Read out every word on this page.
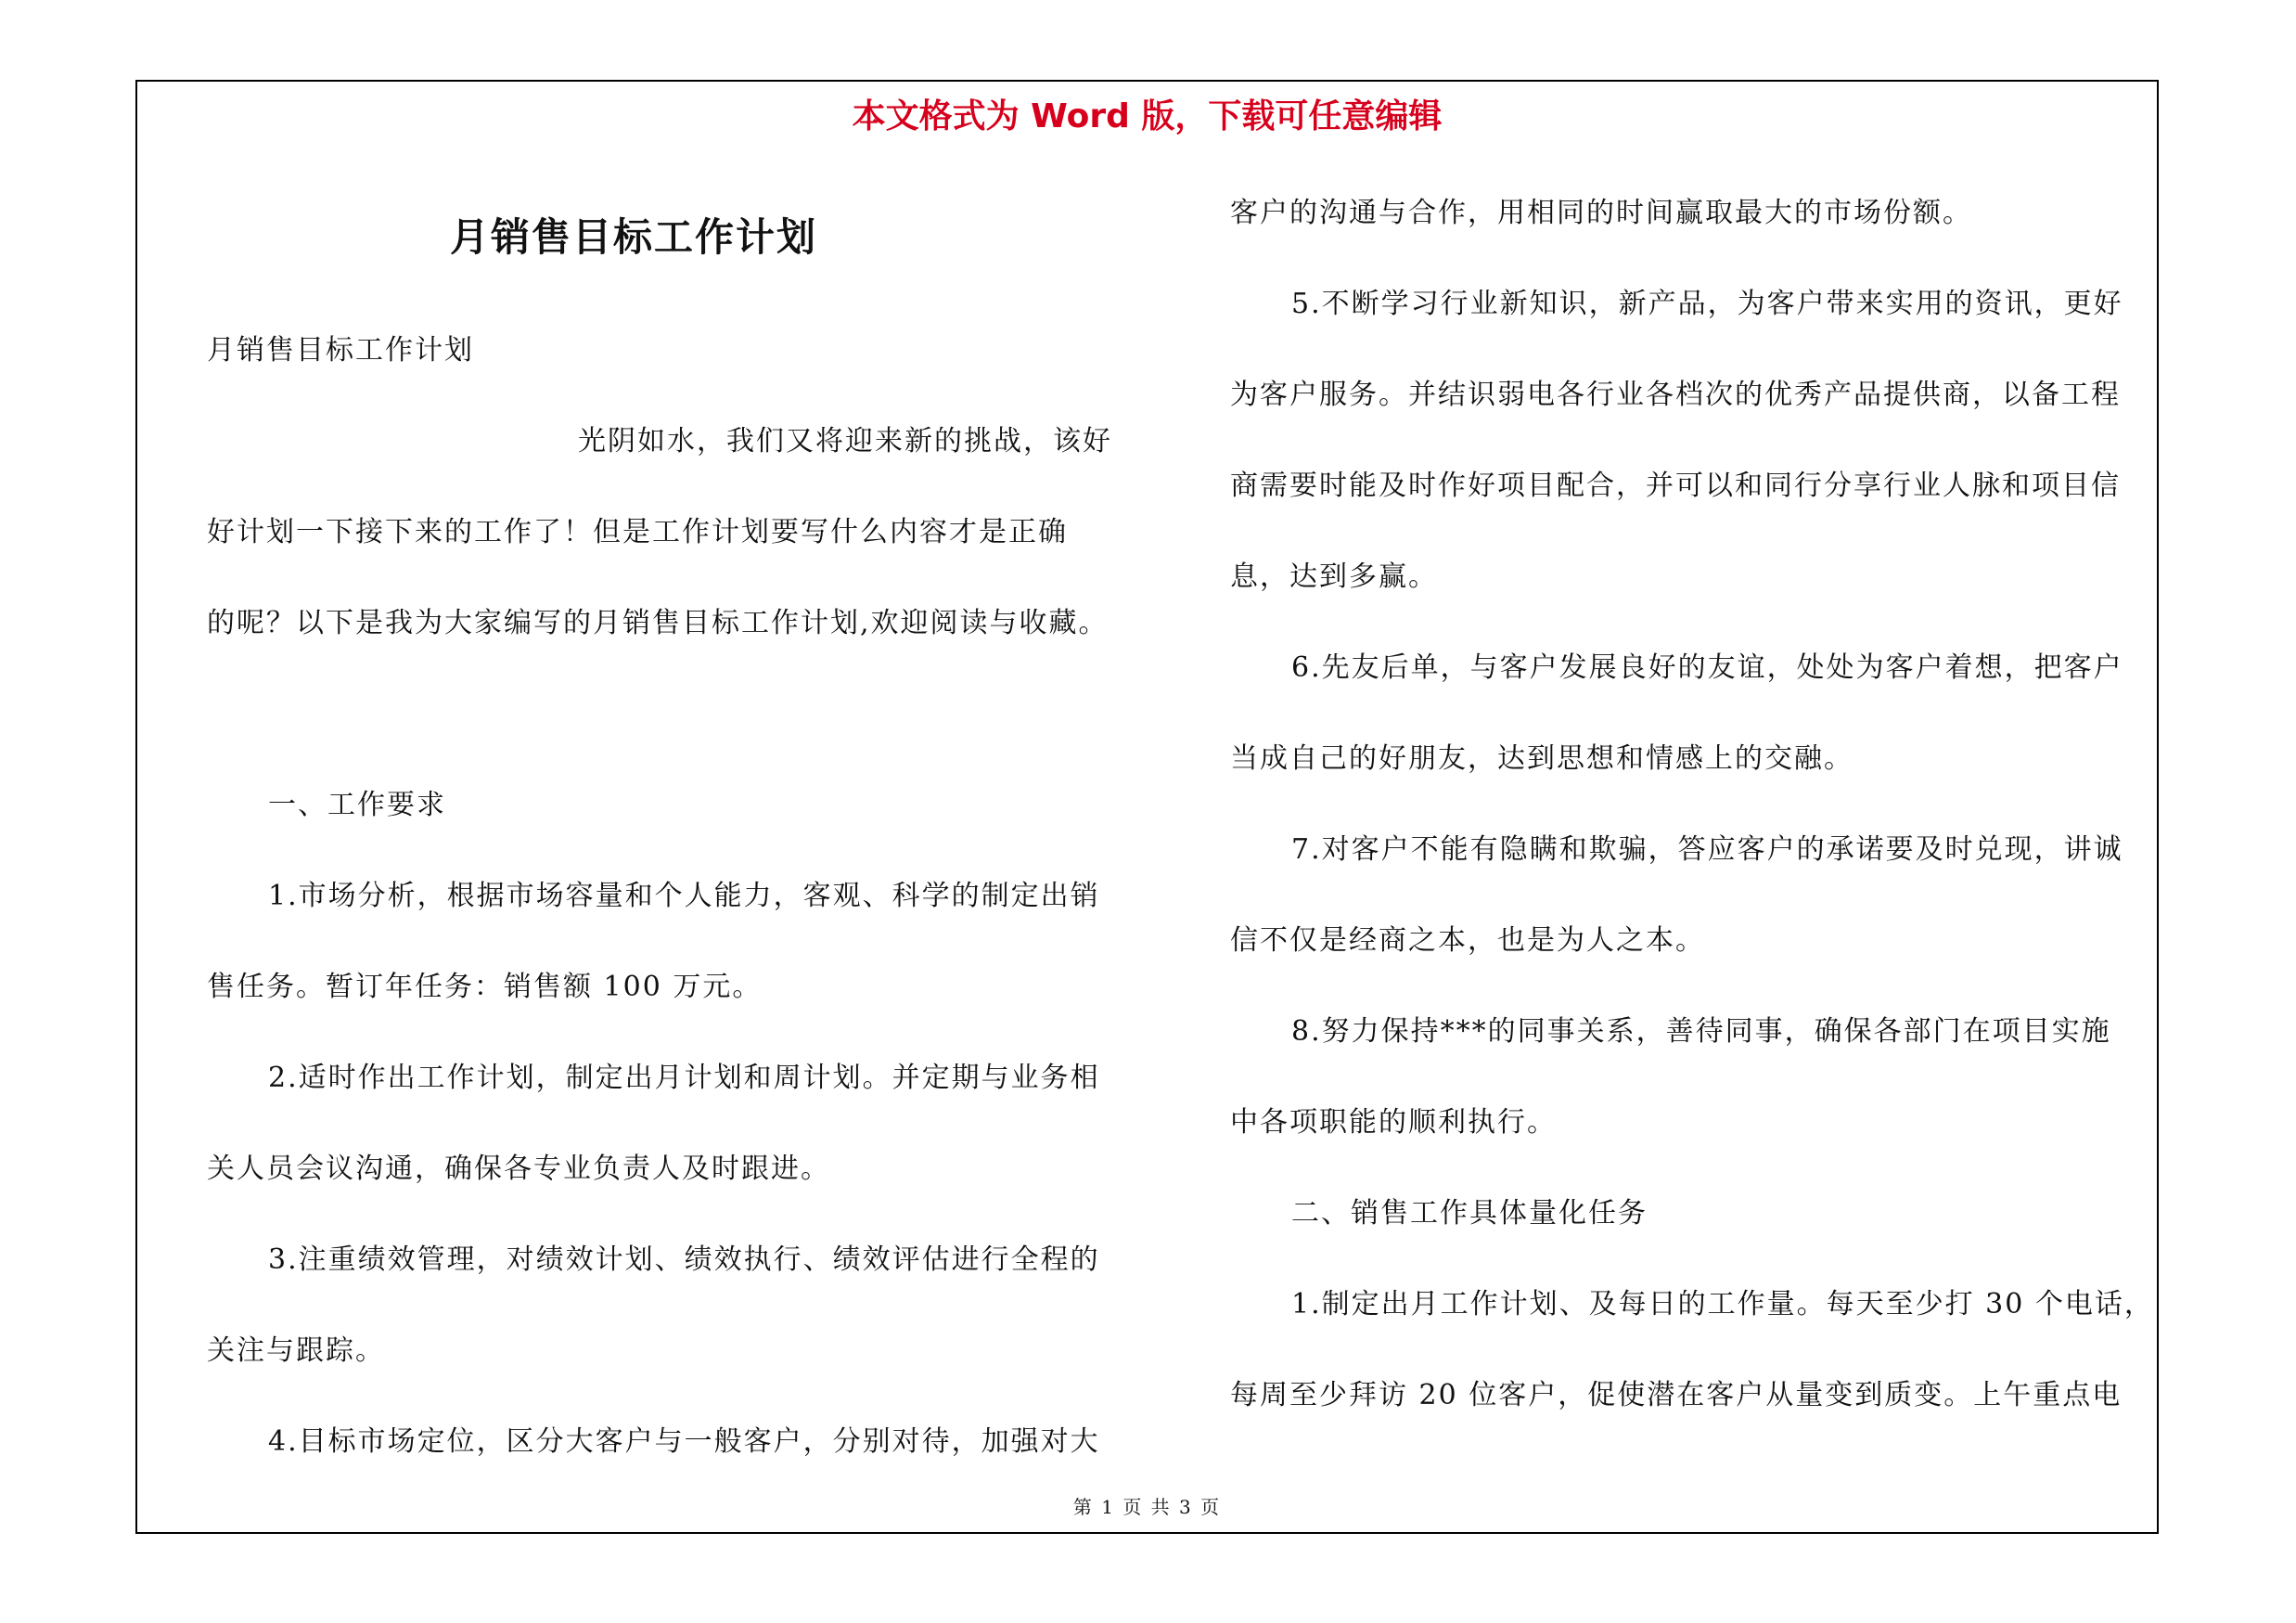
本文格式为 Word 版，下载可任意编辑
月销售目标工作计划
月销售目标工作计划
光阴如水，我们又将迎来新的挑战，该好
好计划一下接下来的工作了！但是工作计划要写什么内容才是正确
的呢？以下是我为大家编写的月销售目标工作计划,欢迎阅读与收藏。
一、工作要求
1.市场分析，根据市场容量和个人能力，客观、科学的制定出销
售任务。暂订年任务：销售额 100 万元。
2.适时作出工作计划，制定出月计划和周计划。并定期与业务相
关人员会议沟通，确保各专业负责人及时跟进。
3.注重绩效管理，对绩效计划、绩效执行、绩效评估进行全程的
关注与跟踪。
4.目标市场定位，区分大客户与一般客户，分别对待，加强对大
客户的沟通与合作，用相同的时间赢取最大的市场份额。
5.不断学习行业新知识，新产品，为客户带来实用的资讯，更好
为客户服务。并结识弱电各行业各档次的优秀产品提供商，以备工程
商需要时能及时作好项目配合，并可以和同行分享行业人脉和项目信
息，达到多赢。
6.先友后单，与客户发展良好的友谊，处处为客户着想，把客户
当成自己的好朋友，达到思想和情感上的交融。
7.对客户不能有隐瞒和欺骗，答应客户的承诺要及时兑现，讲诚
信不仅是经商之本，也是为人之本。
8.努力保持***的同事关系，善待同事，确保各部门在项目实施
中各项职能的顺利执行。
二、销售工作具体量化任务
1.制定出月工作计划、及每日的工作量。每天至少打 30 个电话，
每周至少拜访 20 位客户，促使潜在客户从量变到质变。上午重点电
第 1 页 共 3 页
